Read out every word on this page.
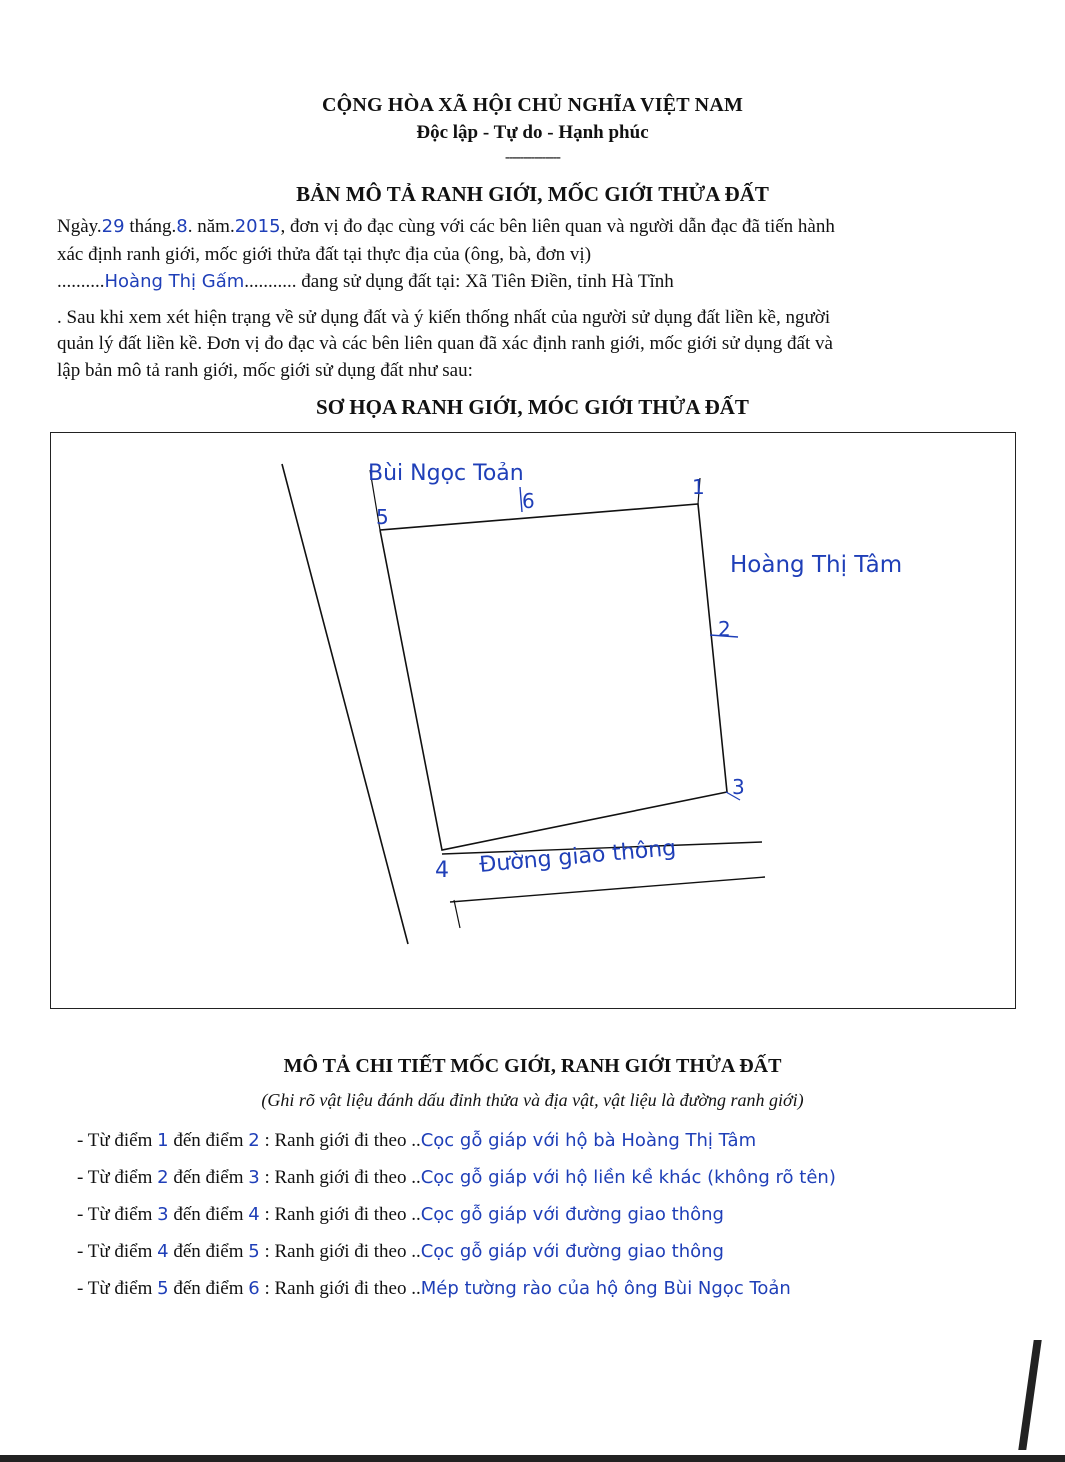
CỘNG HÒA XÃ HỘI CHỦ NGHĨA VIỆT NAM
Độc lập - Tự do - Hạnh phúc
---------------
BẢN MÔ TẢ RANH GIỚI, MỐC GIỚI THỬA ĐẤT
Ngày.29 tháng.8. năm.2015, đơn vị đo đạc cùng với các bên liên quan và người dẫn đạc đã tiến hành
xác định ranh giới, mốc giới thửa đất tại thực địa của (ông, bà, đơn vị)
..........Hoàng Thị Gấm........... đang sử dụng đất tại: Xã Tiên Điền, tỉnh Hà Tĩnh
. Sau khi xem xét hiện trạng về sử dụng đất và ý kiến thống nhất của người sử dụng đất liền kề, người
quản lý đất liền kề. Đơn vị đo đạc và các bên liên quan đã xác định ranh giới, mốc giới sử dụng đất và
lập bản mô tả ranh giới, mốc giới sử dụng đất như sau:
SƠ HỌA RANH GIỚI, MÓC GIỚI THỬA ĐẤT
Bùi Ngọc Toản
Hoàng Thị Tâm
Đường giao thông
1
2
3
4
5
6
MÔ TẢ CHI TIẾT MỐC GIỚI, RANH GIỚI THỬA ĐẤT
(Ghi rõ vật liệu đánh dấu đỉnh thửa và địa vật, vật liệu là đường ranh giới)
- Từ điểm 1 đến điểm 2 : Ranh giới đi theo ..Cọc gỗ giáp với hộ bà Hoàng Thị Tâm
- Từ điểm 2 đến điểm 3 : Ranh giới đi theo ..Cọc gỗ giáp với hộ liền kề khác (không rõ tên)
- Từ điểm 3 đến điểm 4 : Ranh giới đi theo ..Cọc gỗ giáp với đường giao thông
- Từ điểm 4 đến điểm 5 : Ranh giới đi theo ..Cọc gỗ giáp với đường giao thông
- Từ điểm 5 đến điểm 6 : Ranh giới đi theo ..Mép tường rào của hộ ông Bùi Ngọc Toản
